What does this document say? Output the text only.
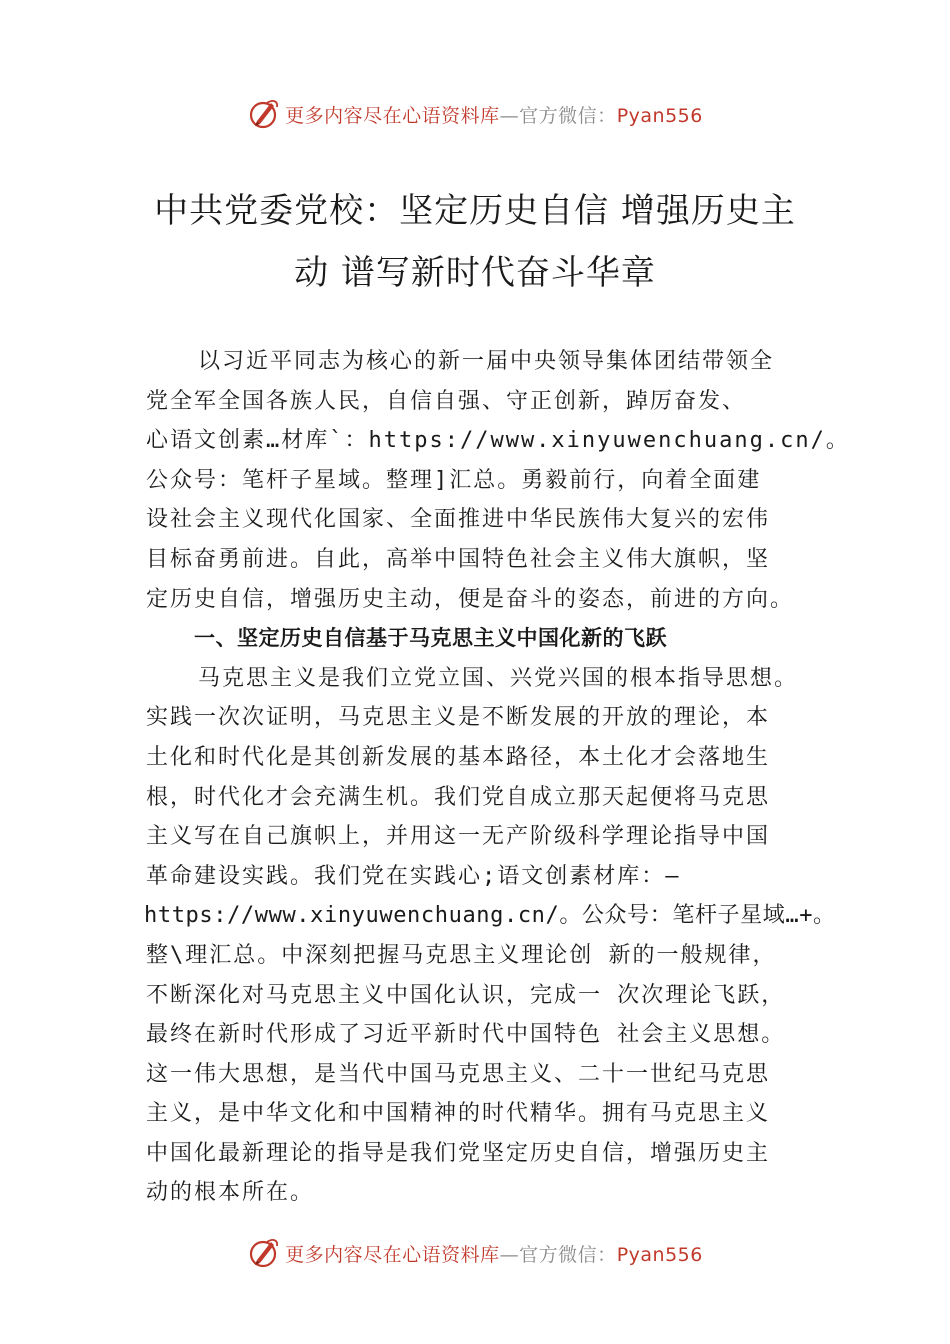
更多内容尽在心语资料库—官方微信：Pyan556
中共党委党校：坚定历史自信 增强历史主
动 谱写新时代奋斗华章
以习近平同志为核心的新一届中央领导集体团结带领全
党全军全国各族人民，自信自强、守正创新，踔厉奋发、
心语文创素…材库`：https://www.xinyuwenchuang.cn/。
公众号：笔杆子星域。整理]汇总。勇毅前行，向着全面建
设社会主义现代化国家、全面推进中华民族伟大复兴的宏伟
目标奋勇前进。自此，高举中国特色社会主义伟大旗帜，坚
定历史自信，增强历史主动，便是奋斗的姿态，前进的方向。
一、坚定历史自信基于马克思主义中国化新的飞跃
马克思主义是我们立党立国、兴党兴国的根本指导思想。
实践一次次证明，马克思主义是不断发展的开放的理论，本
土化和时代化是其创新发展的基本路径，本土化才会落地生
根，时代化才会充满生机。我们党自成立那天起便将马克思
主义写在自己旗帜上，并用这一无产阶级科学理论指导中国
革命建设实践。我们党在实践心;语文创素材库：—
https://www.xinyuwenchuang.cn/。公众号：笔杆子星域…+。
整\理汇总。中深刻把握马克思主义理论创 新的一般规律，
不断深化对马克思主义中国化认识，完成一 次次理论飞跃，
最终在新时代形成了习近平新时代中国特色 社会主义思想。
这一伟大思想，是当代中国马克思主义、二十一世纪马克思
主义，是中华文化和中国精神的时代精华。拥有马克思主义
中国化最新理论的指导是我们党坚定历史自信，增强历史主
动的根本所在。
更多内容尽在心语资料库—官方微信：Pyan556
